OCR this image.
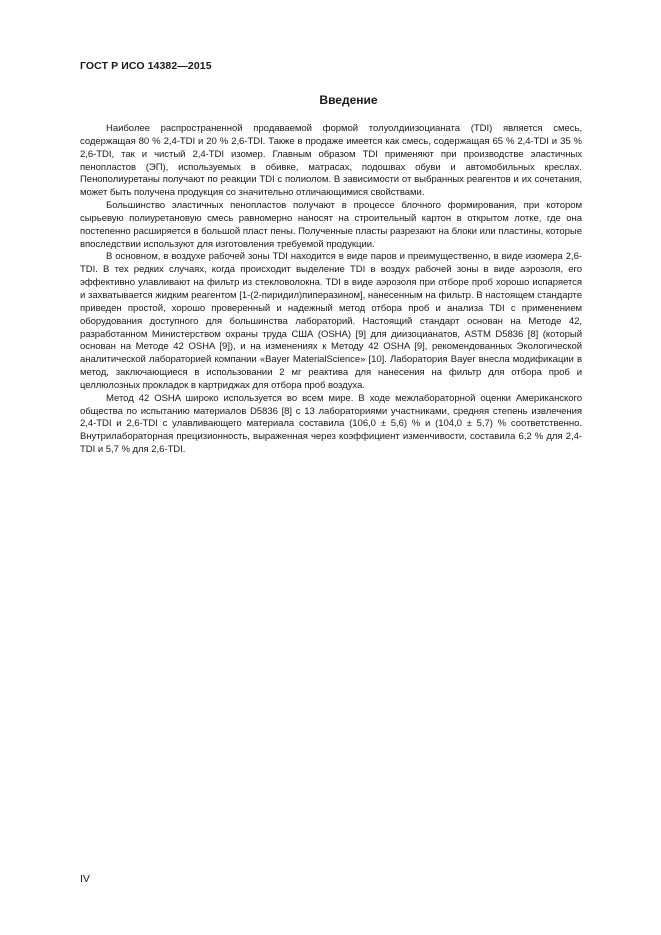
ГОСТ Р ИСО 14382—2015
Введение

Наиболее распространенной продаваемой формой толуолдиизоцианата (TDI) является смесь, содержащая 80 % 2,4-TDI и 20 % 2,6-TDI. Также в продаже имеется как смесь, содержащая 65 % 2,4-TDI и 35 % 2,6-TDI, так и чистый 2,4-TDI изомер. Главным образом TDI применяют при производстве эластичных пенопластов (ЭП), используемых в обивке, матрасах, подошвах обуви и автомобильных креслах. Пенополиуретаны получают по реакции TDI с полиолом. В зависимости от выбранных реагентов и их сочетания, может быть получена продукция со значительно отличающимися свойствами.

Большинство эластичных пенопластов получают в процессе блочного формирования, при котором сырьевую полиуретановую смесь равномерно наносят на строительный картон в открытом лотке, где она постепенно расширяется в большой пласт пены. Полученные пласты разрезают на блоки или пластины, которые впоследствии используют для изготовления требуемой продукции.

В основном, в воздухе рабочей зоны TDI находится в виде паров и преимущественно, в виде изомера 2,6-TDI. В тех редких случаях, когда происходит выделение TDI в воздух рабочей зоны в виде аэрозоля, его эффективно улавливают на фильтр из стекловолокна. TDI в виде аэрозоля при отборе проб хорошо испаряется и захватывается жидким реагентом [1-(2-пиридил)пиперазином], нанесенным на фильтр. В настоящем стандарте приведен простой, хорошо проверенный и надежный метод отбора проб и анализа TDI с применением оборудования доступного для большинства лабораторий. Настоящий стандарт основан на Методе 42, разработанном Министерством охраны труда США (OSHA) [9] для диизоцианатов, ASTM D5836 [8] (который основан на Методе 42 OSHA [9]), и на изменениях к Методу 42 OSHA [9], рекомендованных Экологической аналитической лабораторией компании «Bayer MaterialScience» [10]. Лаборатория Bayer внесла модификации в метод, заключающиеся в использовании 2 мг реактива для нанесения на фильтр для отбора проб и целлюлозных прокладок в картриджах для отбора проб воздуха.

Метод 42 OSHA широко используется во всем мире. В ходе межлабораторной оценки Американского общества по испытанию материалов D5836 [8] с 13 лабораториями участниками, средняя степень извлечения 2,4-TDI и 2,6-TDI с улавливающего материала составила (106,0 ± 5,6) % и (104,0 ± 5,7) % соответственно. Внутрилабораторная прецизионность, выраженная через коэффициент изменчивости, составила 6,2 % для 2,4-TDI и 5,7 % для 2,6-TDI.

IV
